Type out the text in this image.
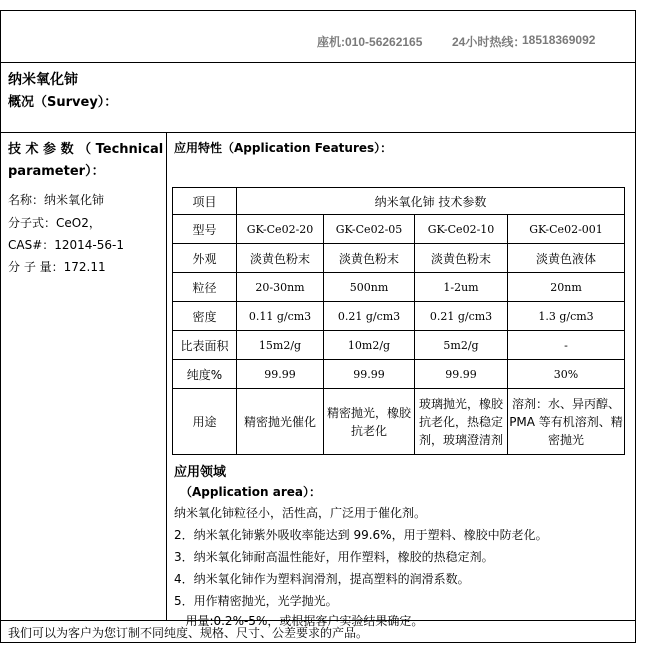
座机:010-56262165 24小时热线：
18518369092
纳米氧化铈
概况（Survey）：
技 术 参 数 （ Technical parameter）：
名称：纳米氧化铈
分子式：CeO2，
CAS#：12014-56-1
分 子 量：172.11
应用特性（Application Features）：
项目	纳米氧化铈 技术参数			
型号	GK-Ce02-20	GK-Ce02-05	GK-Ce02-10	GK-Ce02-001
外观	淡黄色粉末	淡黄色粉末	淡黄色粉末	淡黄色液体
粒径	20-30nm	500nm	1-2um	20nm
密度	0.11 g/cm3	0.21 g/cm3	0.21 g/cm3	1.3 g/cm3
比表面积	15m2/g	10m2/g	5m2/g	-
纯度%	99.99	99.99	99.99	30%
用途	精密抛光催化	精密抛光，橡胶抗老化	玻璃抛光，橡胶抗老化，热稳定剂，玻璃澄清剂	溶剂：水、异丙醇、PMA 等有机溶剂、精密抛光
应用领域
（Application area）：
纳米氧化铈粒径小，活性高，广泛用于催化剂。
2．纳米氧化铈紫外吸收率能达到 99.6%，用于塑料、橡胶中防老化。
3．纳米氧化铈耐高温性能好，用作塑料，橡胶的热稳定剂。
4．纳米氧化铈作为塑料润滑剂，提高塑料的润滑系数。
5．用作精密抛光，光学抛光。
用量:0.2%-5%，或根据客户实验结果确定。
我们可以为客户为您订制不同纯度、规格、尺寸、公差要求的产品。
